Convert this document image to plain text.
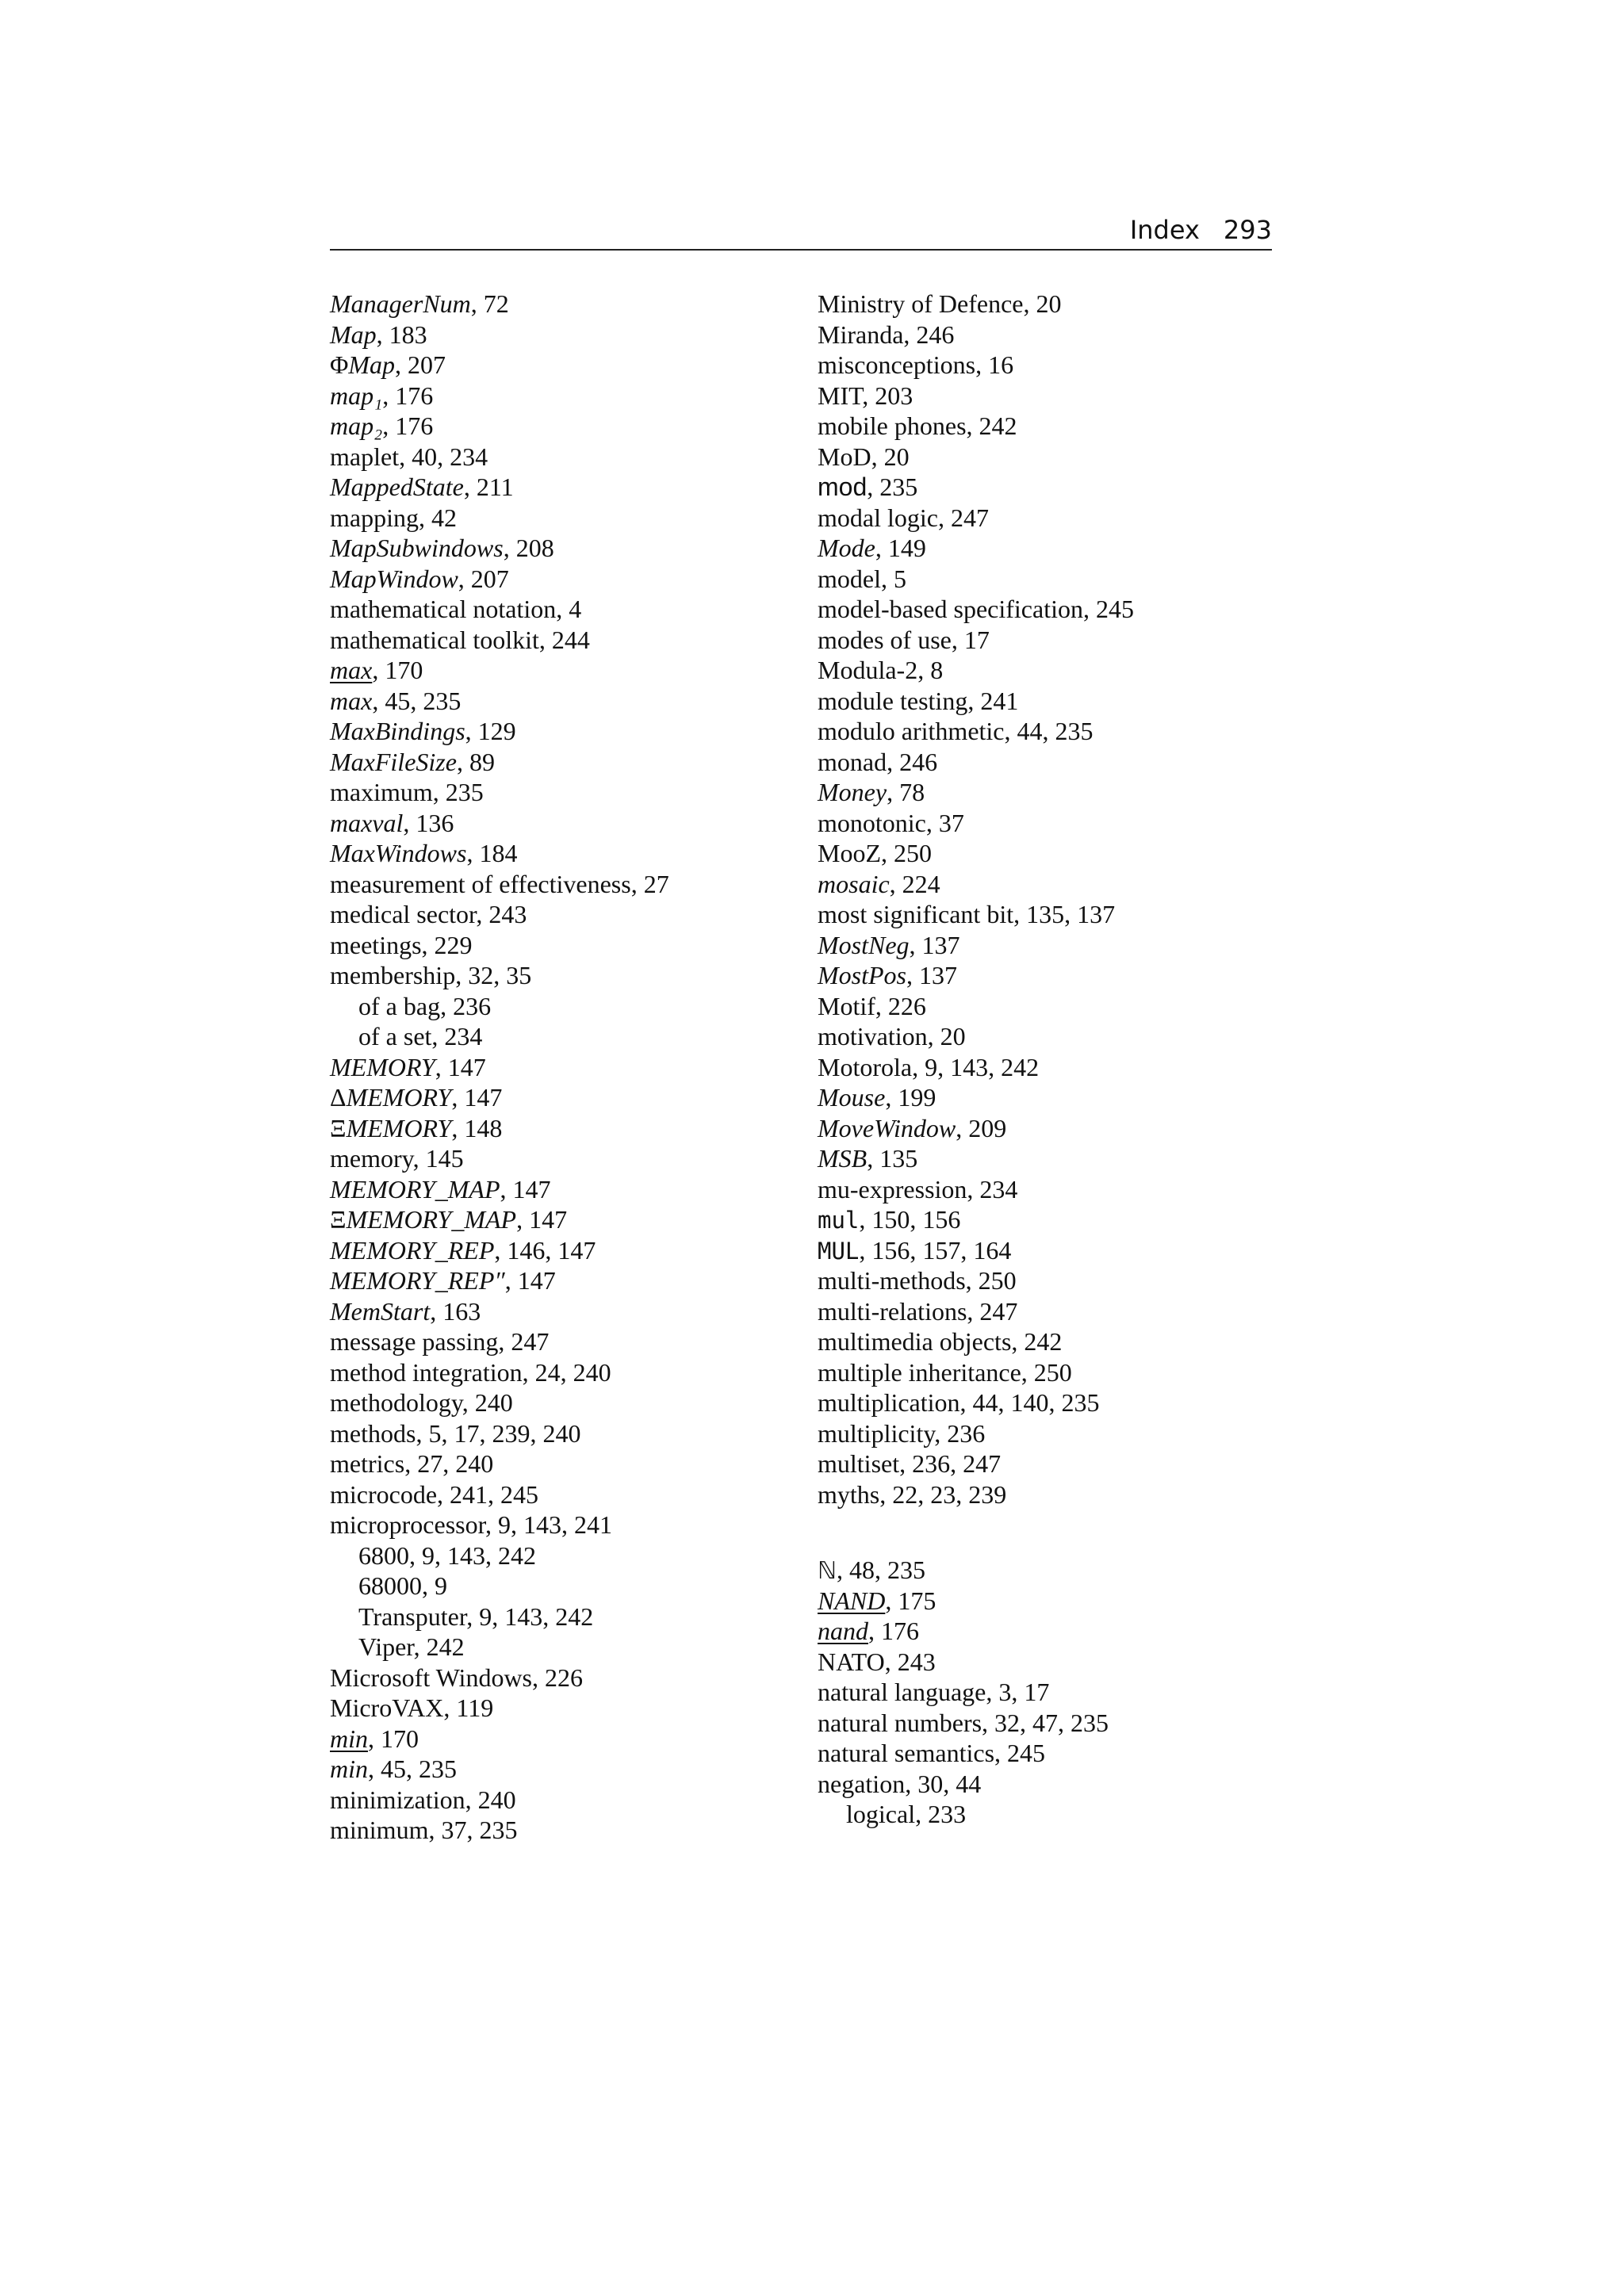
Index 293
ManagerNum, 72
Map, 183
ΦMap, 207
map₁, 176
map₂, 176
maplet, 40, 234
MappedState, 211
mapping, 42
MapSubwindows, 208
MapWindow, 207
mathematical notation, 4
mathematical toolkit, 244
max, 170
max, 45, 235
MaxBindings, 129
MaxFileSize, 89
maximum, 235
maxval, 136
MaxWindows, 184
measurement of effectiveness, 27
medical sector, 243
meetings, 229
membership, 32, 35
of a bag, 236
of a set, 234
MEMORY, 147
ΔMEMORY, 147
ΞMEMORY, 148
memory, 145
MEMORY_MAP, 147
ΞMEMORY_MAP, 147
MEMORY_REP, 146, 147
MEMORY_REP″, 147
MemStart, 163
message passing, 247
method integration, 24, 240
methodology, 240
methods, 5, 17, 239, 240
metrics, 27, 240
microcode, 241, 245
microprocessor, 9, 143, 241
6800, 9, 143, 242
68000, 9
Transputer, 9, 143, 242
Viper, 242
Microsoft Windows, 226
MicroVAX, 119
min, 170
min, 45, 235
minimization, 240
minimum, 37, 235
Ministry of Defence, 20
Miranda, 246
misconceptions, 16
MIT, 203
mobile phones, 242
MoD, 20
mod, 235
modal logic, 247
Mode, 149
model, 5
model-based specification, 245
modes of use, 17
Modula-2, 8
module testing, 241
modulo arithmetic, 44, 235
monad, 246
Money, 78
monotonic, 37
MooZ, 250
mosaic, 224
most significant bit, 135, 137
MostNeg, 137
MostPos, 137
Motif, 226
motivation, 20
Motorola, 9, 143, 242
Mouse, 199
MoveWindow, 209
MSB, 135
mu-expression, 234
mul, 150, 156
MUL, 156, 157, 164
multi-methods, 250
multi-relations, 247
multimedia objects, 242
multiple inheritance, 250
multiplication, 44, 140, 235
multiplicity, 236
multiset, 236, 247
myths, 22, 23, 239
ℕ, 48, 235
NAND, 175
nand, 176
NATO, 243
natural language, 3, 17
natural numbers, 32, 47, 235
natural semantics, 245
negation, 30, 44
logical, 233
